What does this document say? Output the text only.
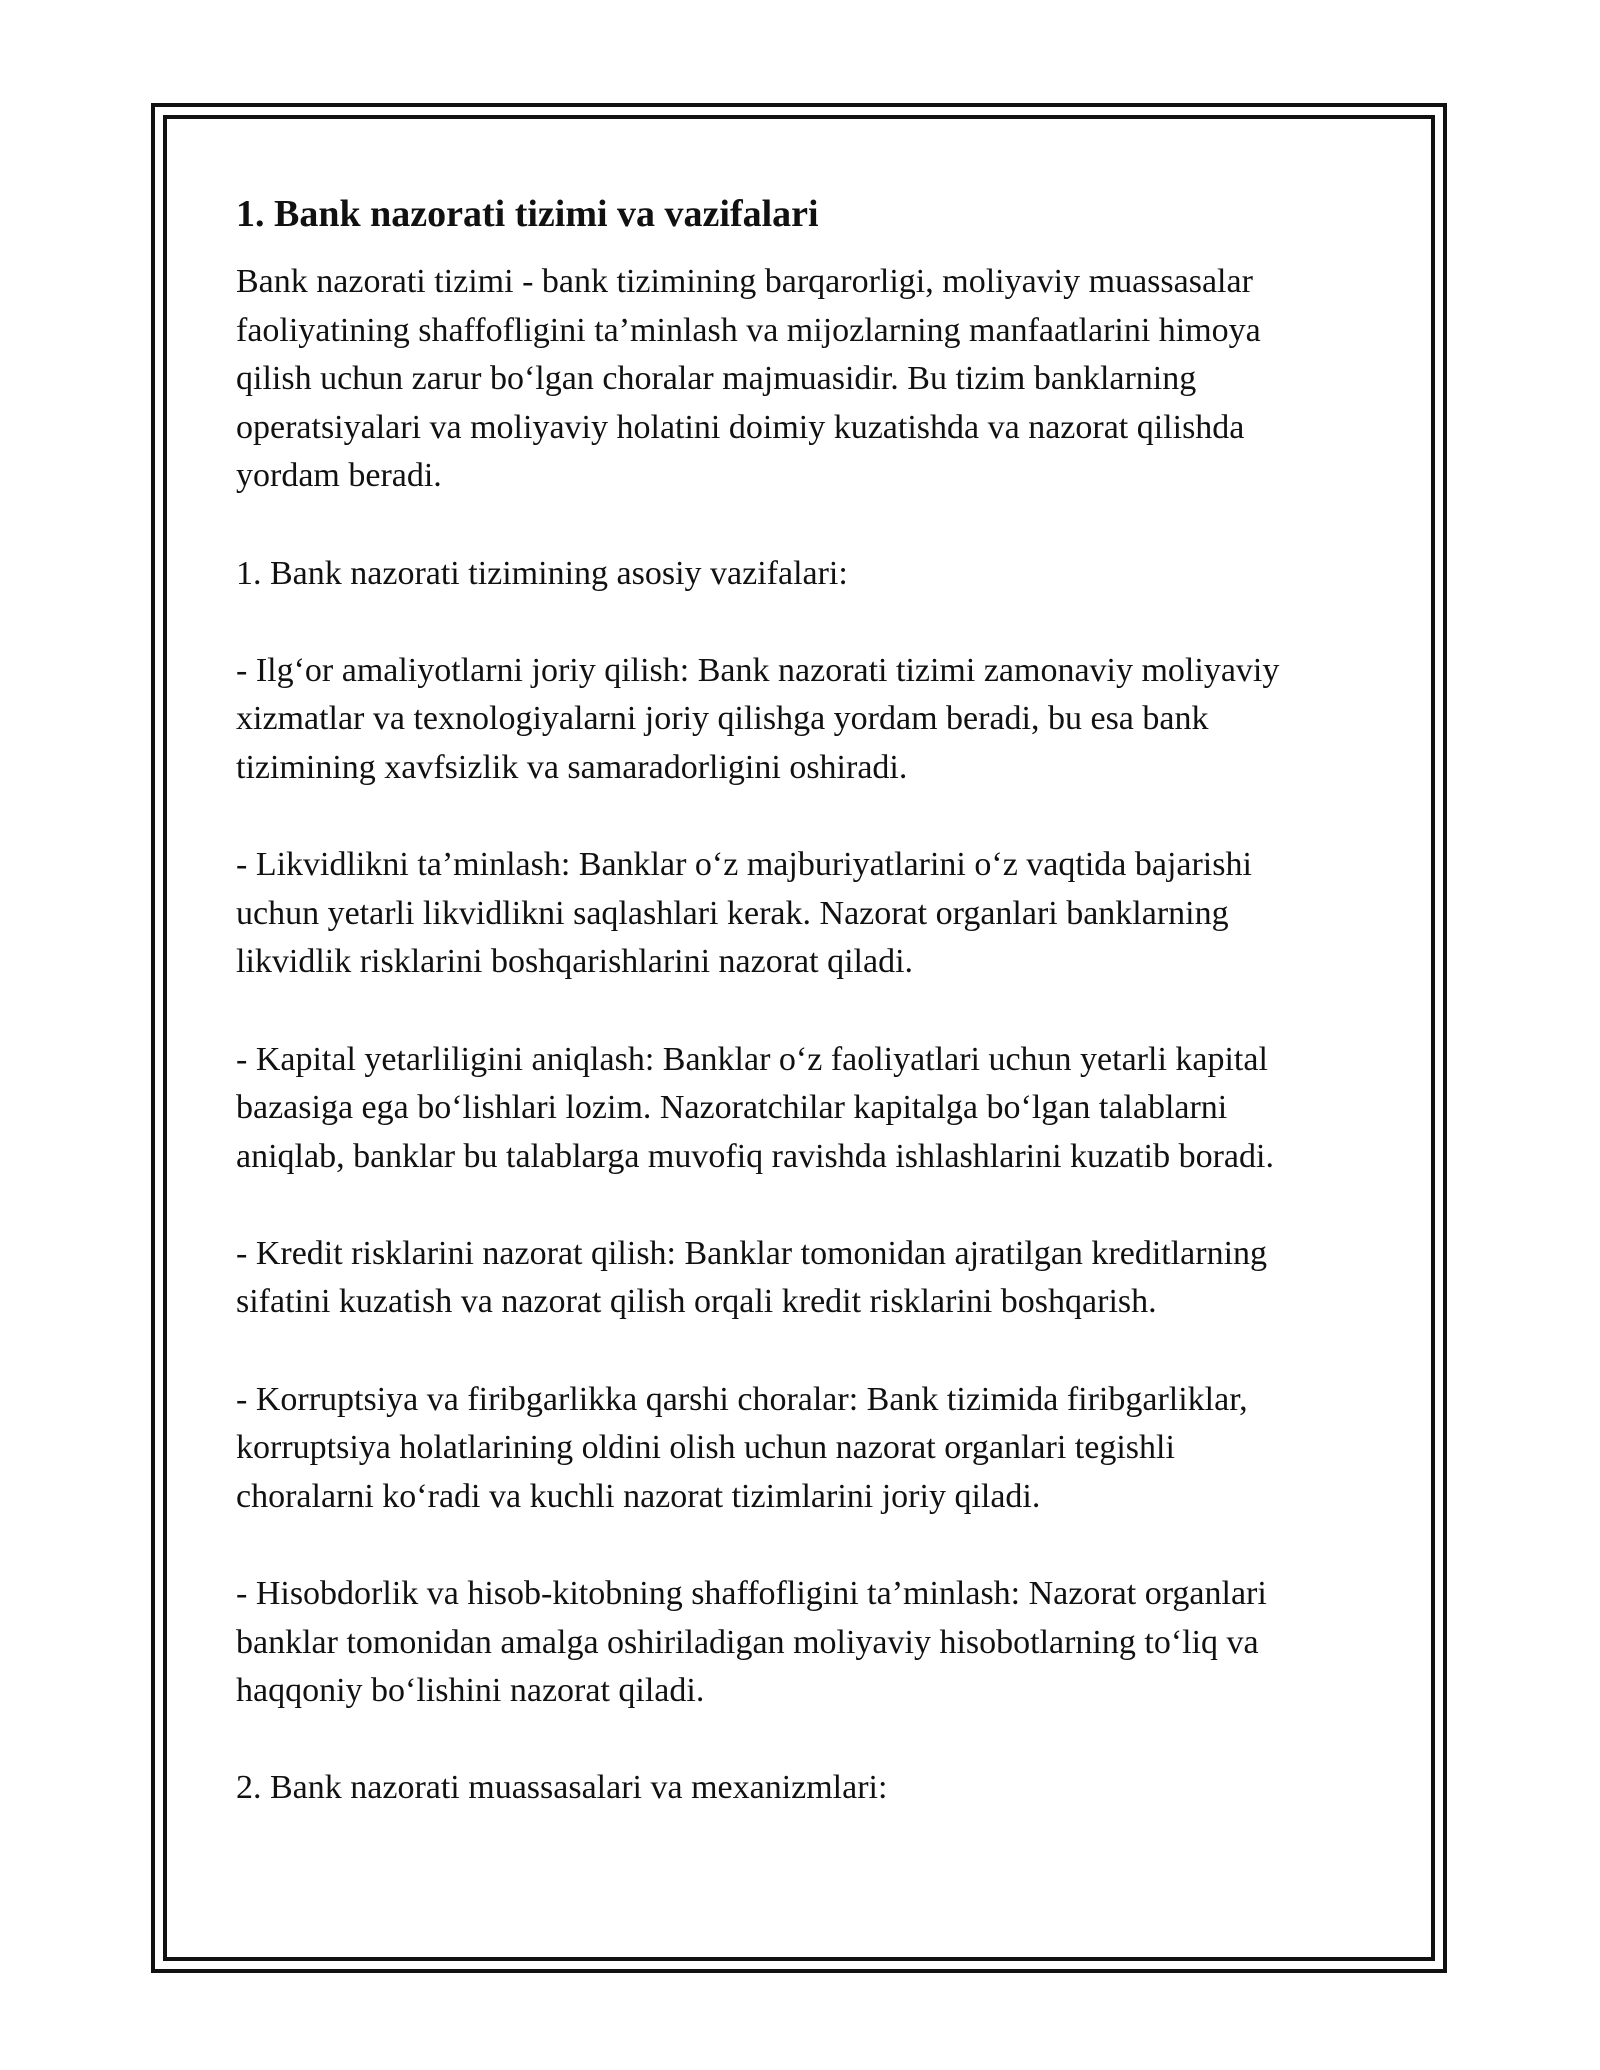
1. Bank nazorati tizimi va vazifalari

Bank nazorati tizimi - bank tizimining barqarorligi, moliyaviy muassasalar
faoliyatining shaffofligini ta’minlash va mijozlarning manfaatlarini himoya
qilish uchun zarur bo‘lgan choralar majmuasidir. Bu tizim banklarning
operatsiyalari va moliyaviy holatini doimiy kuzatishda va nazorat qilishda
yordam beradi.

1. Bank nazorati tizimining asosiy vazifalari:

- Ilg‘or amaliyotlarni joriy qilish: Bank nazorati tizimi zamonaviy moliyaviy
xizmatlar va texnologiyalarni joriy qilishga yordam beradi, bu esa bank
tizimining xavfsizlik va samaradorligini oshiradi.

- Likvidlikni ta’minlash: Banklar o‘z majburiyatlarini o‘z vaqtida bajarishi
uchun yetarli likvidlikni saqlashlari kerak. Nazorat organlari banklarning
likvidlik risklarini boshqarishlarini nazorat qiladi.

- Kapital yetarliligini aniqlash: Banklar o‘z faoliyatlari uchun yetarli kapital
bazasiga ega bo‘lishlari lozim. Nazoratchilar kapitalga bo‘lgan talablarni
aniqlab, banklar bu talablarga muvofiq ravishda ishlashlarini kuzatib boradi.

- Kredit risklarini nazorat qilish: Banklar tomonidan ajratilgan kreditlarning
sifatini kuzatish va nazorat qilish orqali kredit risklarini boshqarish.

- Korruptsiya va firibgarlikka qarshi choralar: Bank tizimida firibgarliklar,
korruptsiya holatlarining oldini olish uchun nazorat organlari tegishli
choralarni ko‘radi va kuchli nazorat tizimlarini joriy qiladi.

- Hisobdorlik va hisob-kitobning shaffofligini ta’minlash: Nazorat organlari
banklar tomonidan amalga oshiriladigan moliyaviy hisobotlarning to‘liq va
haqqoniy bo‘lishini nazorat qiladi.

2. Bank nazorati muassasalari va mexanizmlari:
